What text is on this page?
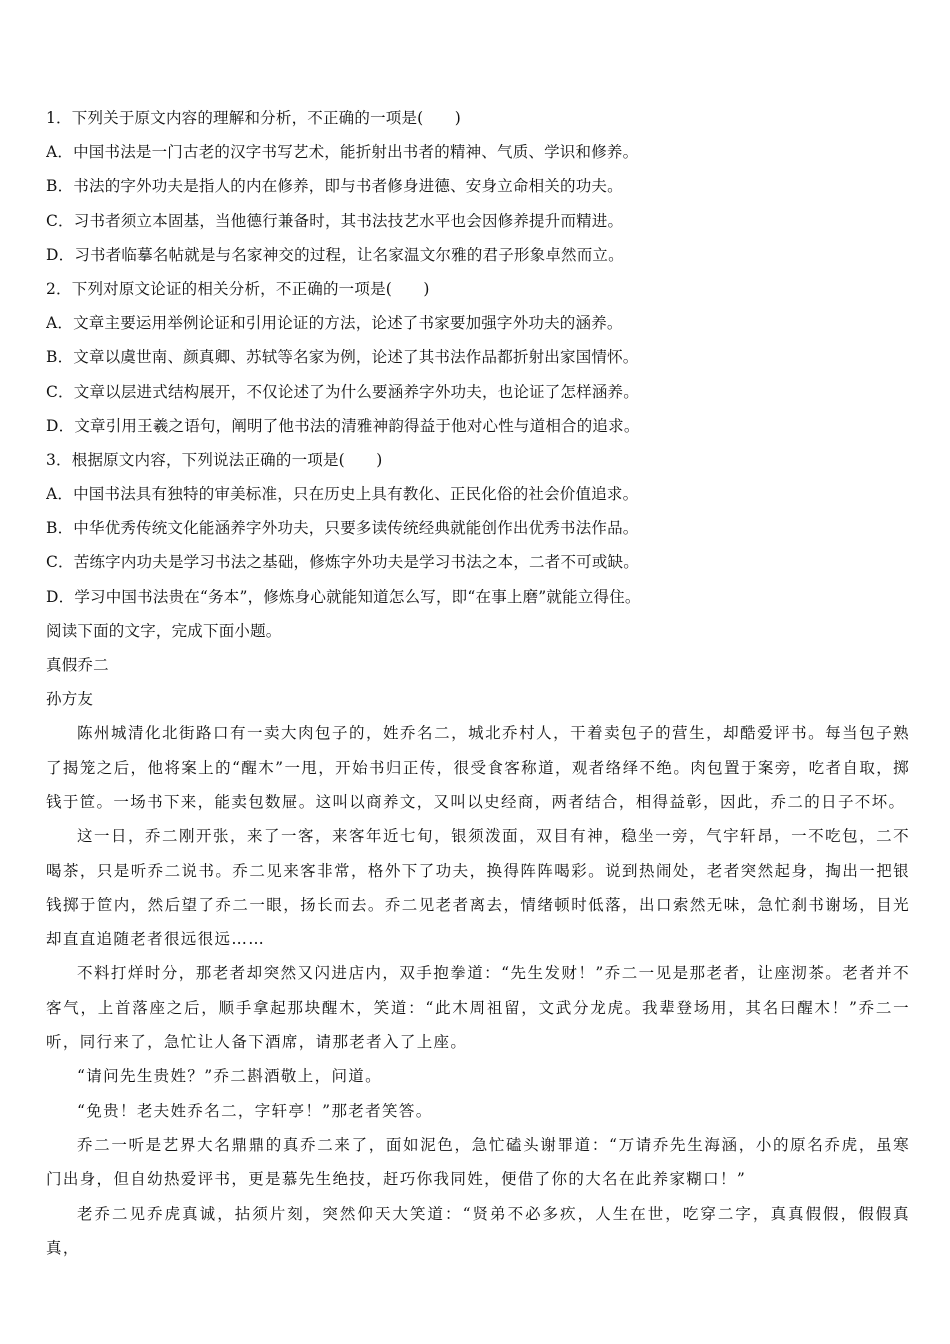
1．下列关于原文内容的理解和分析，不正确的一项是(　　)
A．中国书法是一门古老的汉字书写艺术，能折射出书者的精神、气质、学识和修养。
B．书法的字外功夫是指人的内在修养，即与书者修身进德、安身立命相关的功夫。
C．习书者须立本固基，当他德行兼备时，其书法技艺水平也会因修养提升而精进。
D．习书者临摹名帖就是与名家神交的过程，让名家温文尔雅的君子形象卓然而立。
2．下列对原文论证的相关分析，不正确的一项是(　　)
A．文章主要运用举例论证和引用论证的方法，论述了书家要加强字外功夫的涵养。
B．文章以虞世南、颜真卿、苏轼等名家为例，论述了其书法作品都折射出家国情怀。
C．文章以层进式结构展开，不仅论述了为什么要涵养字外功夫，也论证了怎样涵养。
D．文章引用王羲之语句，阐明了他书法的清雅神韵得益于他对心性与道相合的追求。
3．根据原文内容，下列说法正确的一项是(　　)
A．中国书法具有独特的审美标准，只在历史上具有教化、正民化俗的社会价值追求。
B．中华优秀传统文化能涵养字外功夫，只要多读传统经典就能创作出优秀书法作品。
C．苦练字内功夫是学习书法之基础，修炼字外功夫是学习书法之本，二者不可或缺。
D．学习中国书法贵在“务本”，修炼身心就能知道怎么写，即“在事上磨”就能立得住。
阅读下面的文字，完成下面小题。
真假乔二
孙方友

陈州城清化北街路口有一卖大肉包子的，姓乔名二，城北乔村人，干着卖包子的营生，却酷爱评书。每当包子熟了揭笼之后，他将案上的“醒木”一甩，开始书归正传，很受食客称道，观者络绎不绝。肉包置于案旁，吃者自取，掷钱于笸。一场书下来，能卖包数屉。这叫以商养文，又叫以史经商，两者结合，相得益彰，因此，乔二的日子不坏。

这一日，乔二刚开张，来了一客，来客年近七旬，银须泼面，双目有神，稳坐一旁，气宇轩昂，一不吃包，二不喝茶，只是听乔二说书。乔二见来客非常，格外下了功夫，换得阵阵喝彩。说到热闹处，老者突然起身，掏出一把银钱掷于笸内，然后望了乔二一眼，扬长而去。乔二见老者离去，情绪顿时低落，出口索然无味，急忙刹书谢场，目光却直直追随老者很远很远……

不料打烊时分，那老者却突然又闪进店内，双手抱拳道：“先生发财！”乔二一见是那老者，让座沏茶。老者并不客气，上首落座之后，顺手拿起那块醒木，笑道：“此木周祖留，文武分龙虎。我辈登场用，其名曰醒木！”乔二一听，同行来了，急忙让人备下酒席，请那老者入了上座。

“请问先生贵姓？”乔二斟酒敬上，问道。

“免贵！老夫姓乔名二，字轩亭！”那老者笑答。

乔二一听是艺界大名鼎鼎的真乔二来了，面如泥色，急忙磕头谢罪道：“万请乔先生海涵，小的原名乔虎，虽寒门出身，但自幼热爱评书，更是慕先生绝技，赶巧你我同姓，便借了你的大名在此养家糊口！”

老乔二见乔虎真诚，拈须片刻，突然仰天大笑道：“贤弟不必多疚，人生在世，吃穿二字，真真假假，假假真真，
